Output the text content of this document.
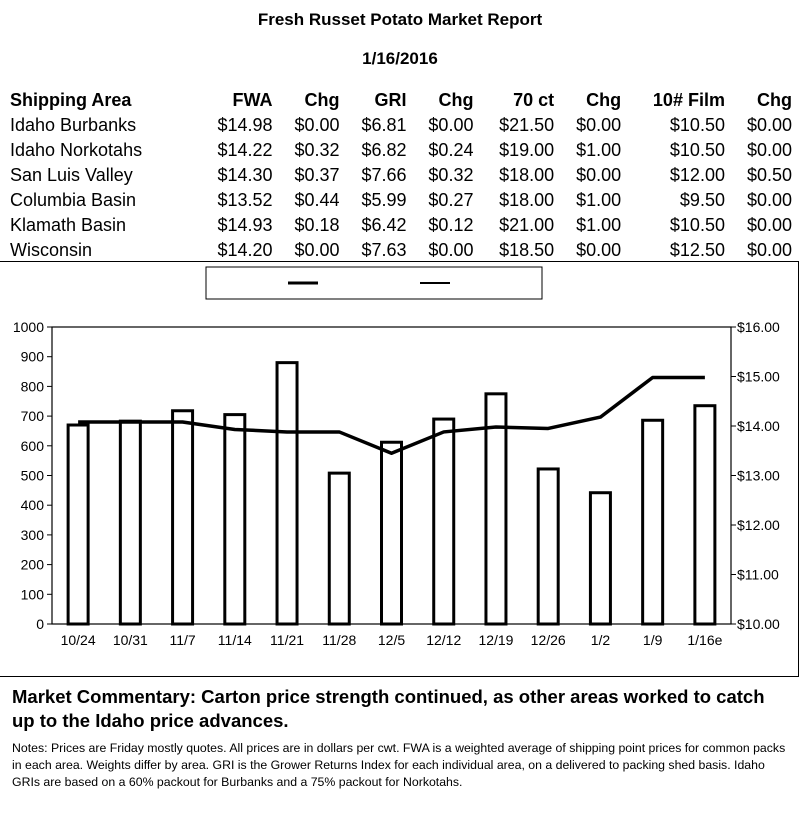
Fresh Russet Potato Market Report
1/16/2016
Shipping Area	FWA	Chg	GRI	Chg	70 ct	Chg	10# Film	Chg
Idaho Burbanks	$14.98	$0.00	$6.81	$0.00	$21.50	$0.00	$10.50	$0.00
Idaho Norkotahs	$14.22	$0.32	$6.82	$0.24	$19.00	$1.00	$10.50	$0.00
San Luis Valley	$14.30	$0.37	$7.66	$0.32	$18.00	$0.00	$12.00	$0.50
Columbia Basin	$13.52	$0.44	$5.99	$0.27	$18.00	$1.00	$9.50	$0.00
Klamath Basin	$14.93	$0.18	$6.42	$0.12	$21.00	$1.00	$10.50	$0.00
Wisconsin	$14.20	$0.00	$7.63	$0.00	$18.50	$0.00	$12.50	$0.00
0
100
200
300
400
500
600
700
800
900
1000
$10.00
$11.00
$12.00
$13.00
$14.00
$15.00
$16.00
10/24 10/31 11/7 11/14 11/21 11/28 12/5 12/12 12/19 12/26 1/2 1/9 1/16e
Market Commentary: Carton price strength continued, as other areas worked to catch up to the Idaho price advances.
Notes: Prices are Friday mostly quotes. All prices are in dollars per cwt. FWA is a weighted average of shipping point prices for common packs in each area. Weights differ by area. GRI is the Grower Returns Index for each individual area, on a delivered to packing shed basis. Idaho GRIs are based on a 60% packout for Burbanks and a 75% packout for Norkotahs.
